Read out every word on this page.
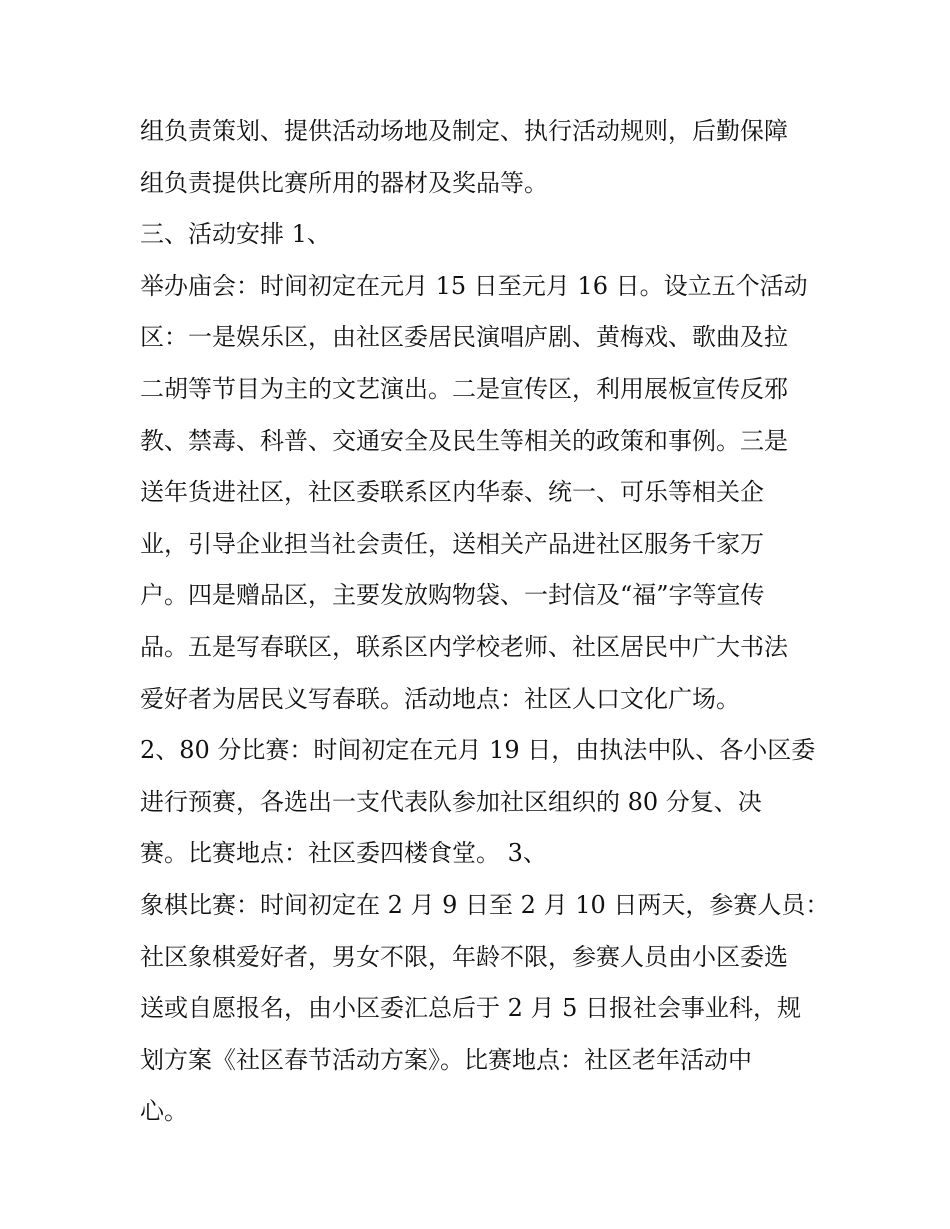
组负责策划、提供活动场地及制定、执行活动规则，后勤保障
组负责提供比赛所用的器材及奖品等。
三、活动安排 1、
举办庙会：时间初定在元月 15 日至元月 16 日。设立五个活动
区：一是娱乐区，由社区委居民演唱庐剧、黄梅戏、歌曲及拉
二胡等节目为主的文艺演出。二是宣传区，利用展板宣传反邪
教、禁毒、科普、交通安全及民生等相关的政策和事例。三是
送年货进社区，社区委联系区内华泰、统一、可乐等相关企
业，引导企业担当社会责任，送相关产品进社区服务千家万
户。四是赠品区，主要发放购物袋、一封信及“福”字等宣传
品。五是写春联区，联系区内学校老师、社区居民中广大书法
爱好者为居民义写春联。活动地点：社区人口文化广场。
2、80 分比赛：时间初定在元月 19 日，由执法中队、各小区委
进行预赛，各选出一支代表队参加社区组织的 80 分复、决
赛。比赛地点：社区委四楼食堂。 3、
象棋比赛：时间初定在 2 月 9 日至 2 月 10 日两天，参赛人员：
社区象棋爱好者，男女不限，年龄不限，参赛人员由小区委选
送或自愿报名，由小区委汇总后于 2 月 5 日报社会事业科，规
划方案《社区春节活动方案》。比赛地点：社区老年活动中
心。
